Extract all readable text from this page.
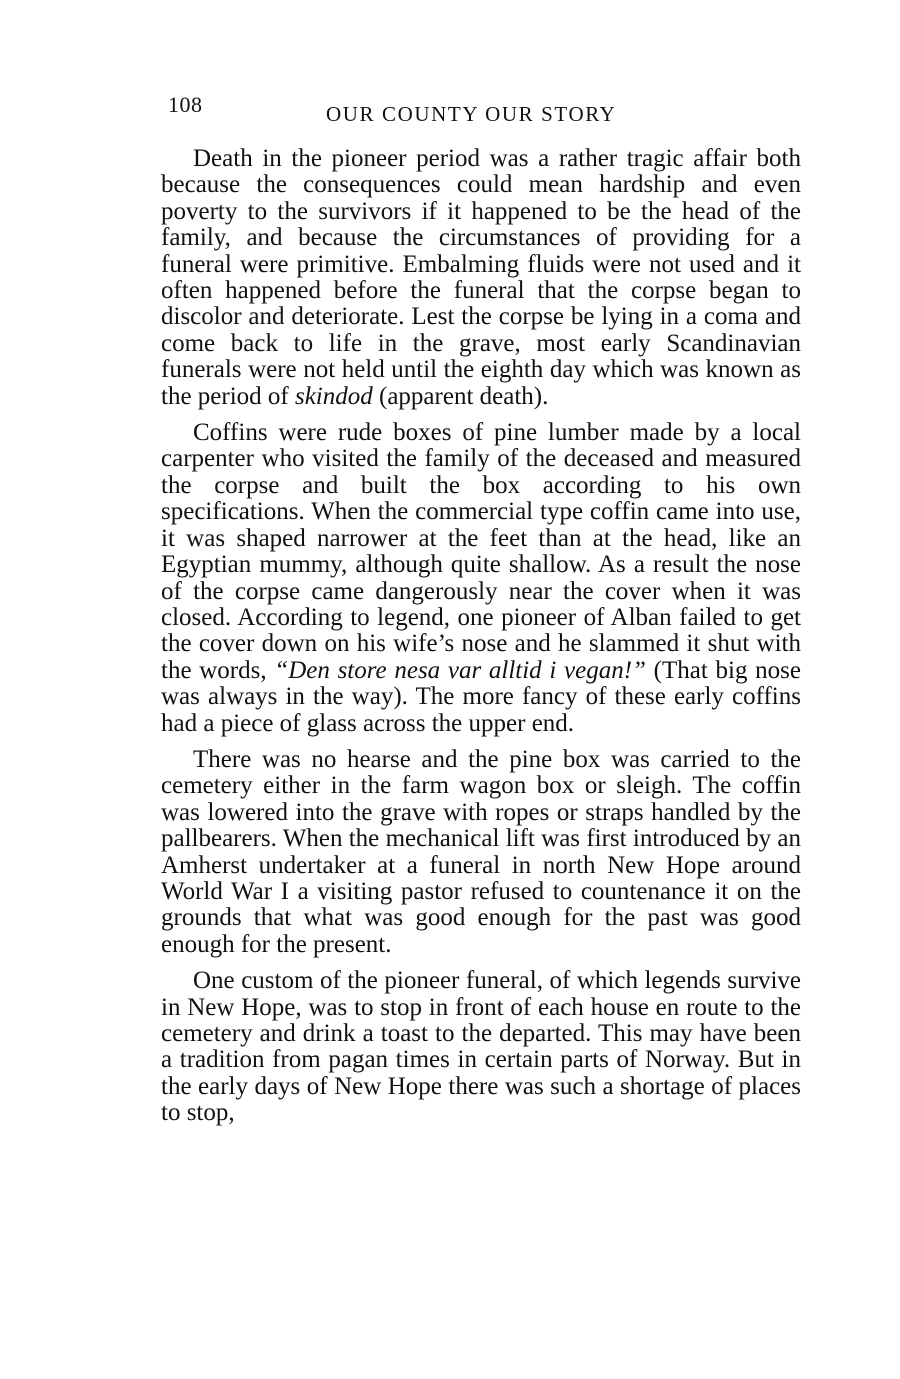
108	OUR COUNTY OUR STORY

Death in the pioneer period was a rather tragic affair both because the consequences could mean hardship and even poverty to the survivors if it happened to be the head of the family, and because the circumstances of providing for a funeral were primitive. Embalming fluids were not used and it often happened before the funeral that the corpse began to discolor and deteriorate. Lest the corpse be lying in a coma and come back to life in the grave, most early Scandinavian funerals were not held until the eighth day which was known as the period of skindod (apparent death).

Coffins were rude boxes of pine lumber made by a local carpenter who visited the family of the deceased and measured the corpse and built the box according to his own specifications. When the commercial type coffin came into use, it was shaped narrower at the feet than at the head, like an Egyptian mummy, although quite shallow. As a result the nose of the corpse came dangerously near the cover when it was closed. According to legend, one pioneer of Alban failed to get the cover down on his wife’s nose and he slammed it shut with the words, “Den store nesa var alltid i vegan!” (That big nose was always in the way). The more fancy of these early coffins had a piece of glass across the upper end.

There was no hearse and the pine box was carried to the cemetery either in the farm wagon box or sleigh. The coffin was lowered into the grave with ropes or straps handled by the pallbearers. When the mechanical lift was first introduced by an Amherst undertaker at a funeral in north New Hope around World War I a visiting pastor refused to countenance it on the grounds that what was good enough for the past was good enough for the present.

One custom of the pioneer funeral, of which legends survive in New Hope, was to stop in front of each house en route to the cemetery and drink a toast to the departed. This may have been a tradition from pagan times in certain parts of Norway. But in the early days of New Hope there was such a shortage of places to stop,
